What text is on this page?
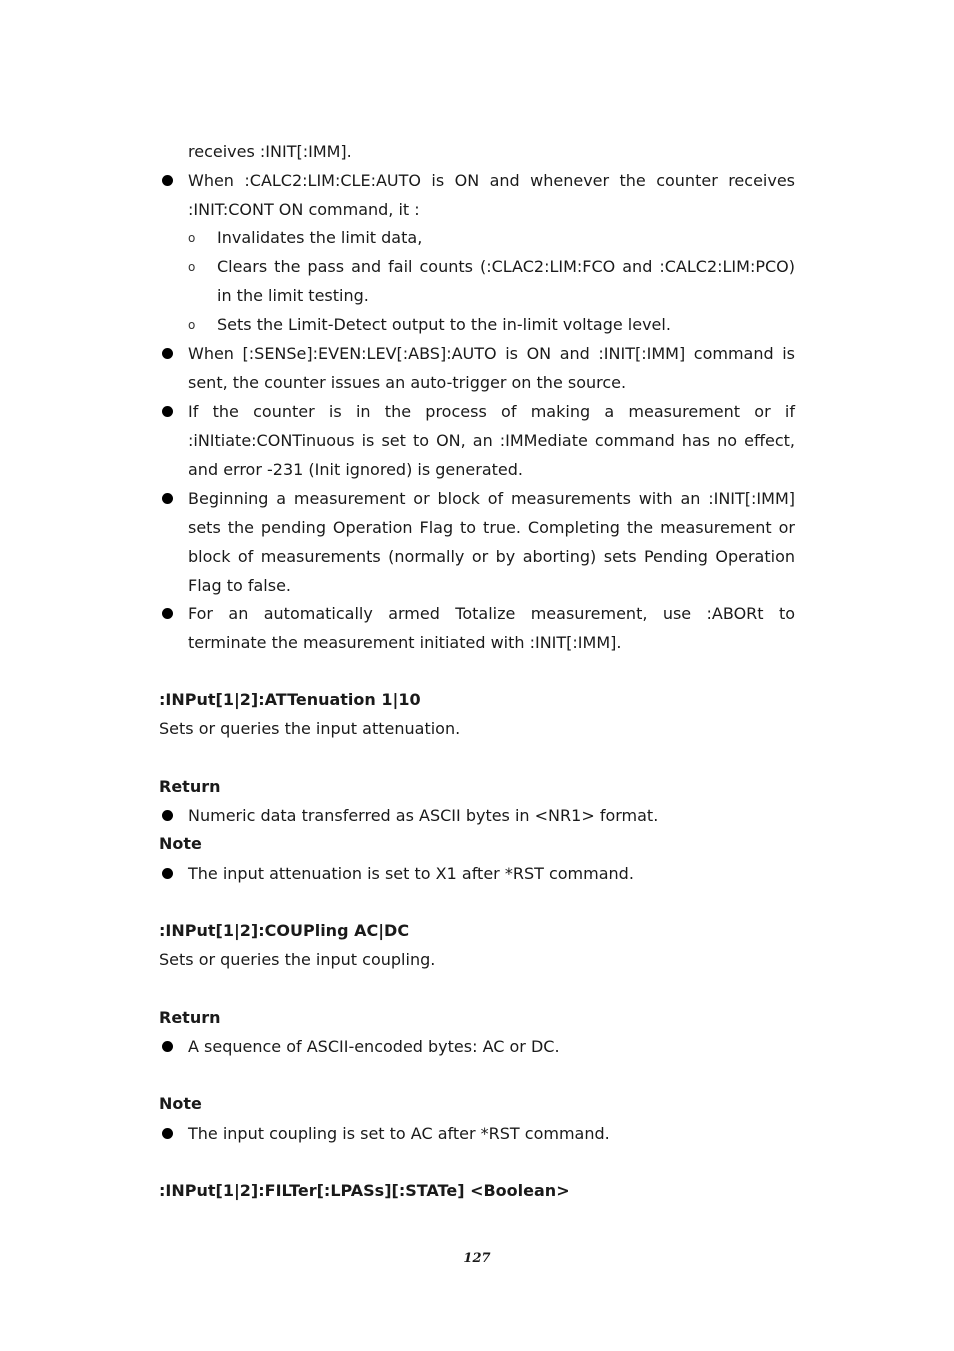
receives :INIT[:IMM].
When :CALC2:LIM:CLE:AUTO is ON and whenever the counter receives :INIT:CONT ON command, it :
o Invalidates the limit data,
o Clears the pass and fail counts (:CLAC2:LIM:FCO and :CALC2:LIM:PCO) in the limit testing.
o Sets the Limit-Detect output to the in-limit voltage level.
When [:SENSe]:EVEN:LEV[:ABS]:AUTO is ON and :INIT[:IMM] command is sent, the counter issues an auto-trigger on the source.
If the counter is in the process of making a measurement or if :iNItiate:CONTinuous is set to ON, an :IMMediate command has no effect, and error -231 (Init ignored) is generated.
Beginning a measurement or block of measurements with an :INIT[:IMM] sets the pending Operation Flag to true. Completing the measurement or block of measurements (normally or by aborting) sets Pending Operation Flag to false.
For an automatically armed Totalize measurement, use :ABORt to terminate the measurement initiated with :INIT[:IMM].
:INPut[1|2]:ATTenuation 1|10
Sets or queries the input attenuation.
Return
Numeric data transferred as ASCII bytes in <NR1> format.
Note
The input attenuation is set to X1 after *RST command.
:INPut[1|2]:COUPling AC|DC
Sets or queries the input coupling.
Return
A sequence of ASCII-encoded bytes: AC or DC.
Note
The input coupling is set to AC after *RST command.
:INPut[1|2]:FILTer[:LPASs][:STATe] <Boolean>
127
